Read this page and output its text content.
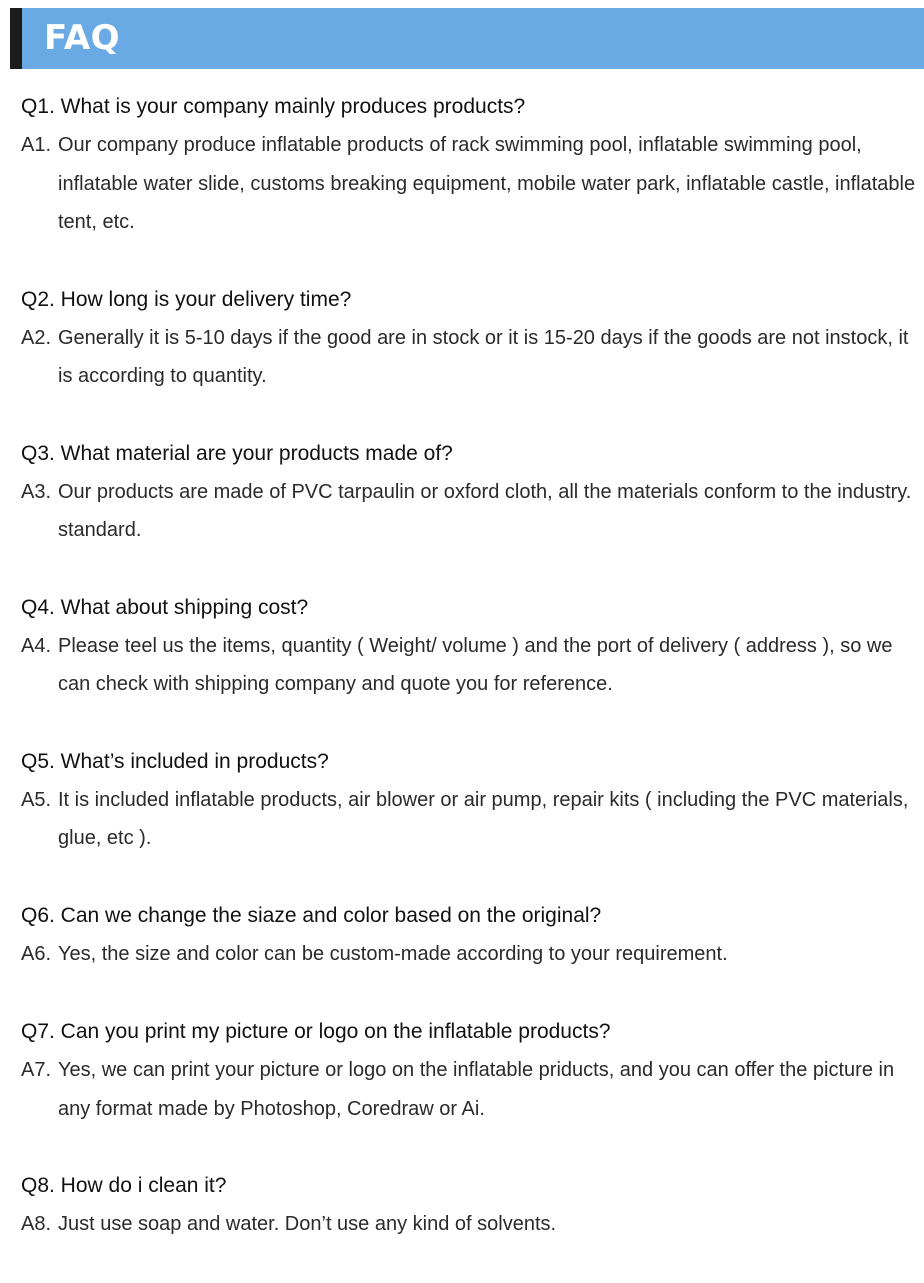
FAQ
Q1. What is your company mainly produces products?
A1. Our company produce inflatable products of rack swimming pool, inflatable swimming pool, inflatable water slide, customs breaking equipment, mobile water park, inflatable castle, inflatable tent, etc.
Q2. How long is your delivery time?
A2. Generally it is 5-10 days if the good are in stock or it is 15-20 days if the goods are not instock, it is according to quantity.
Q3. What material are your products made of?
A3. Our products are made of PVC tarpaulin or oxford cloth, all the materials conform to the industry. standard.
Q4. What about shipping cost?
A4. Please teel us the items, quantity ( Weight/ volume ) and the port of delivery ( address ), so we can check with shipping company and quote you for reference.
Q5. What’s included in products?
A5. It is included inflatable products, air blower or air pump, repair kits ( including the PVC materials, glue, etc ).
Q6. Can we change the siaze and color based on the original?
A6. Yes, the size and color can be custom-made according to your requirement.
Q7. Can you print my picture or logo on the inflatable products?
A7. Yes, we can print your picture or logo on the inflatable priducts, and you can offer the picture in any format made by Photoshop, Coredraw or Ai.
Q8. How do i clean it?
A8. Just use soap and water. Don’t use any kind of solvents.
